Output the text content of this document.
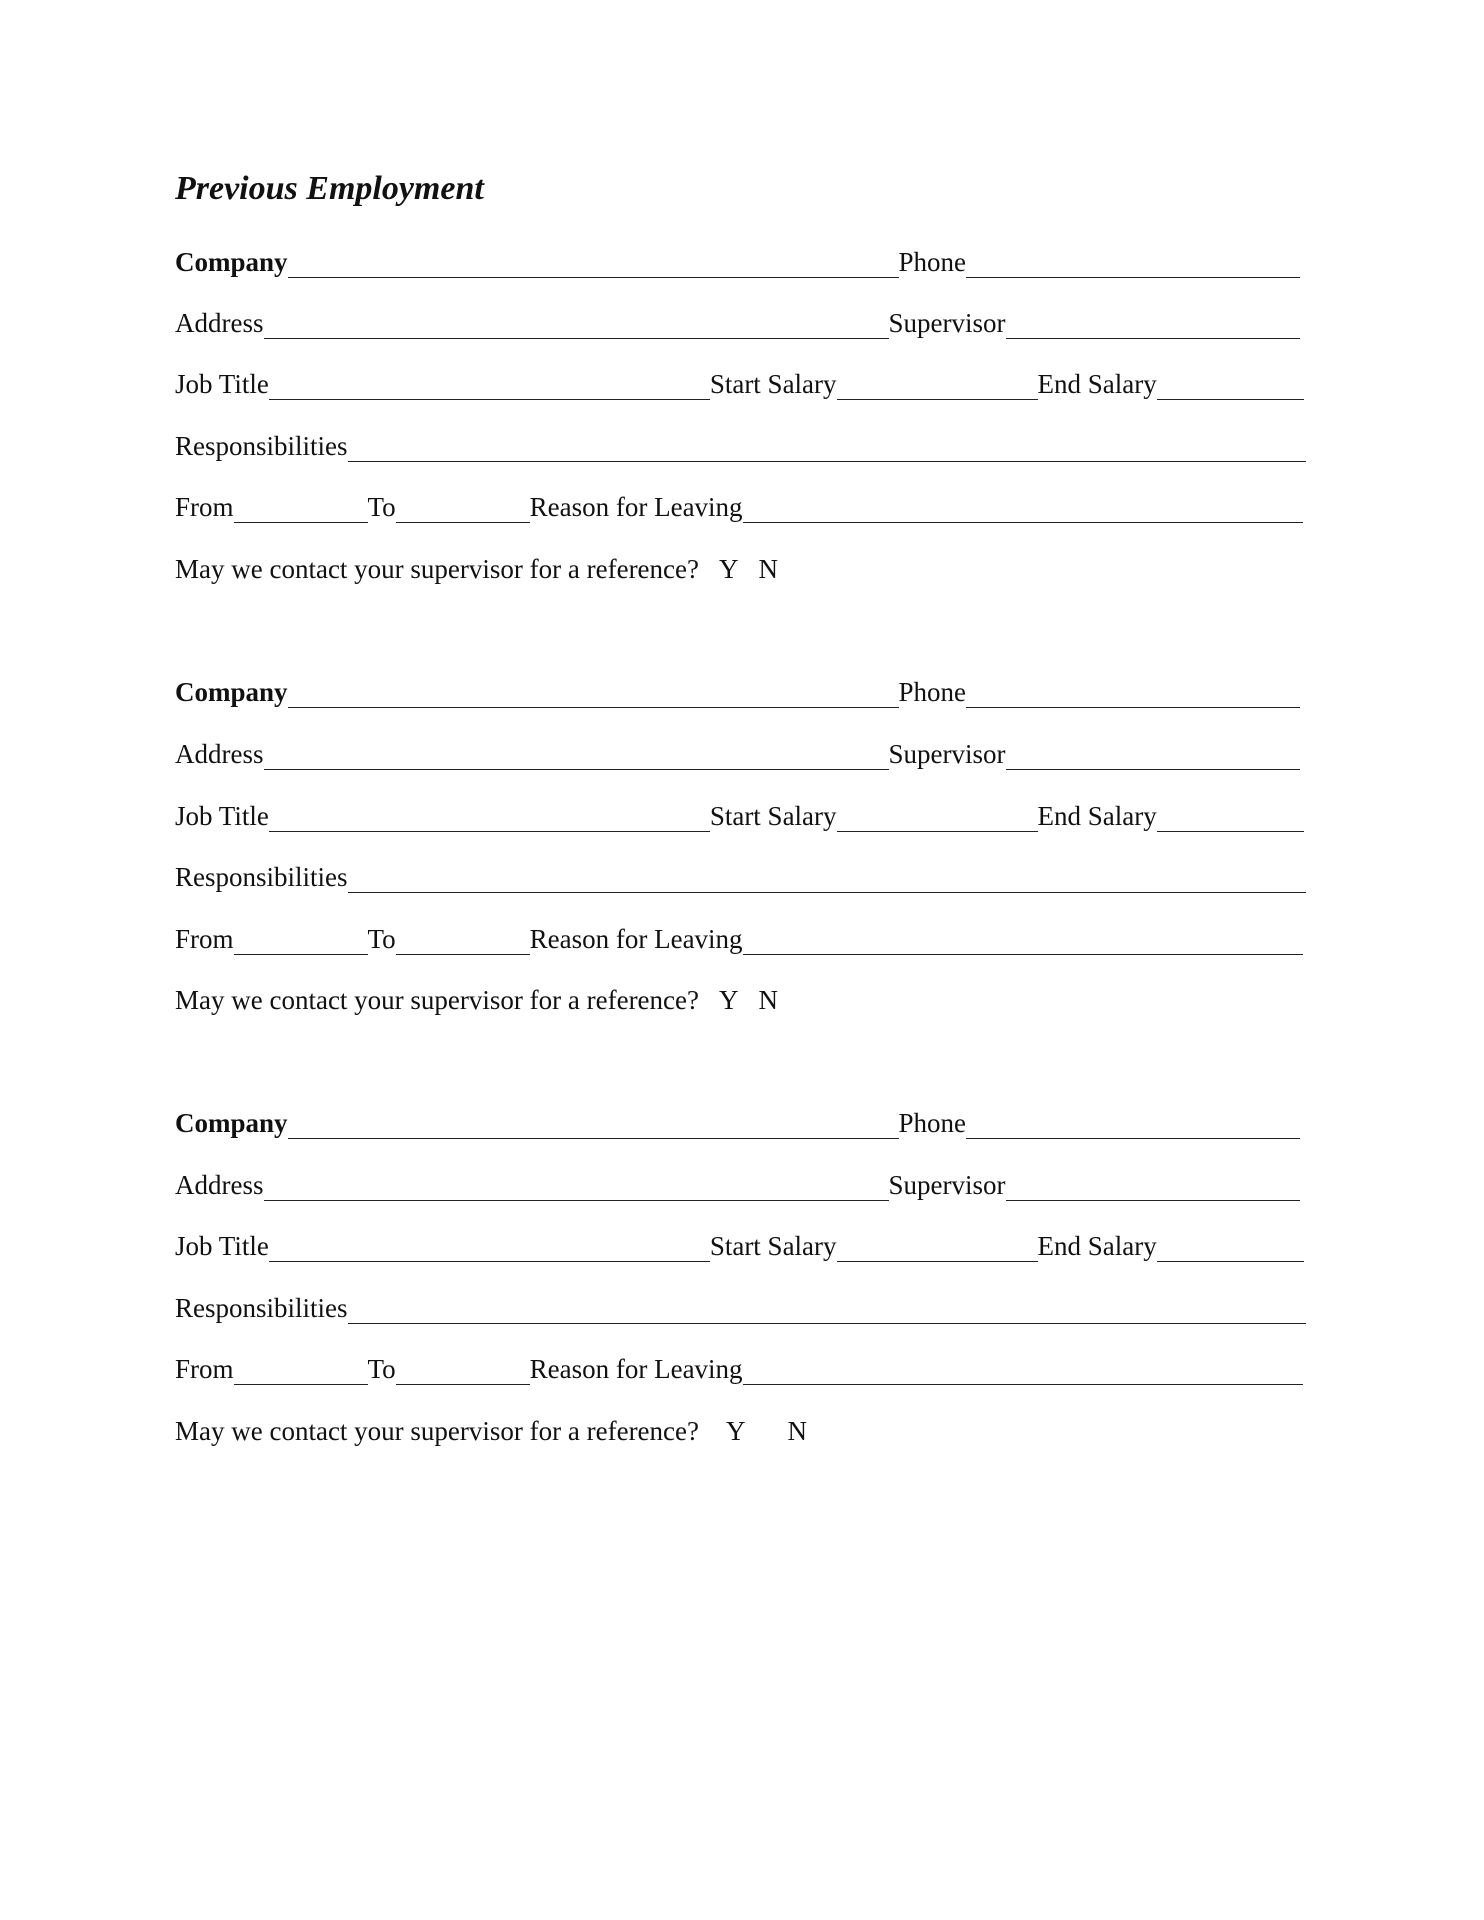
Previous Employment
Company	Phone
Address	Supervisor
Job Title	Start Salary	End Salary
Responsibilities
From	To	Reason for Leaving
May we contact your supervisor for a reference? Y N
Company	Phone
Address	Supervisor
Job Title	Start Salary	End Salary
Responsibilities
From	To	Reason for Leaving
May we contact your supervisor for a reference? Y N
Company	Phone
Address	Supervisor
Job Title	Start Salary	End Salary
Responsibilities
From	To	Reason for Leaving
May we contact your supervisor for a reference? Y N
